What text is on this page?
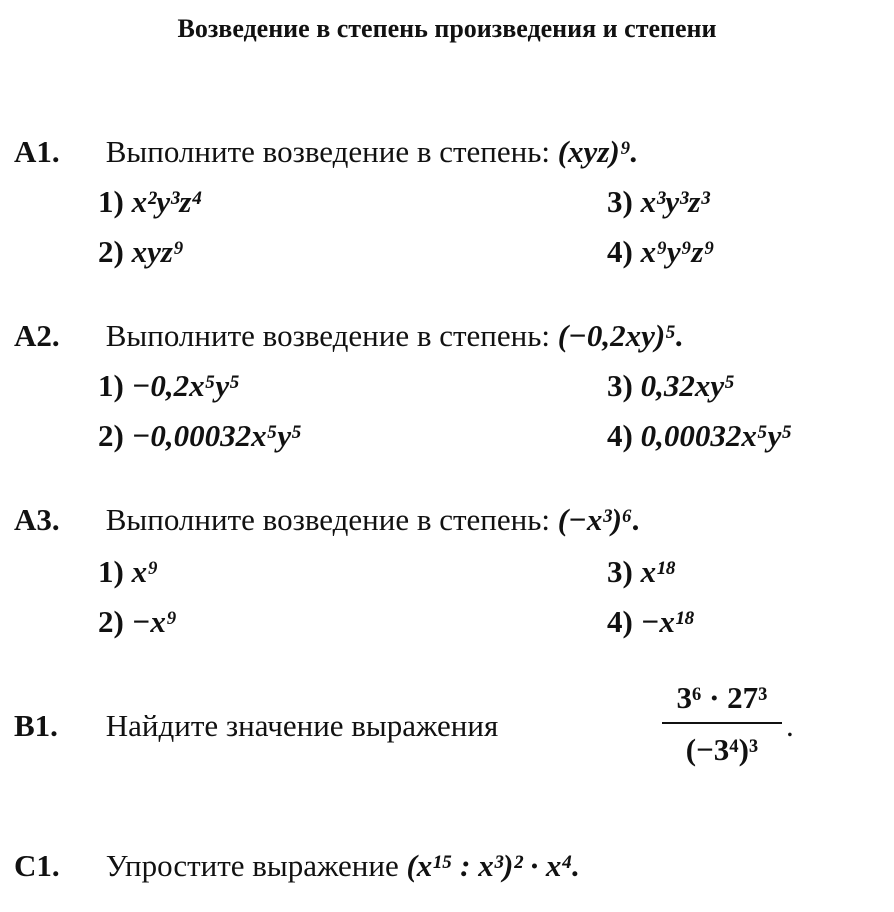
Возведение в степень произведения и степени
А1. Выполните возведение в степень: (xyz)⁹.
1) x²y³z⁴
2) xyz⁹
3) x³y³z³
4) x⁹y⁹z⁹
А2. Выполните возведение в степень: (−0,2xy)⁵.
1) −0,2x⁵y⁵
2) −0,00032x⁵y⁵
3) 0,32xy⁵
4) 0,00032x⁵y⁵
А3. Выполните возведение в степень: (−x³)⁶.
1) x⁹
2) −x⁹
3) x¹⁸
4) −x¹⁸
В1. Найдите значение выражения
3⁶ · 27³
(−3⁴)³
.
С1. Упростите выражение (x¹⁵ : x³)² · x⁴.
